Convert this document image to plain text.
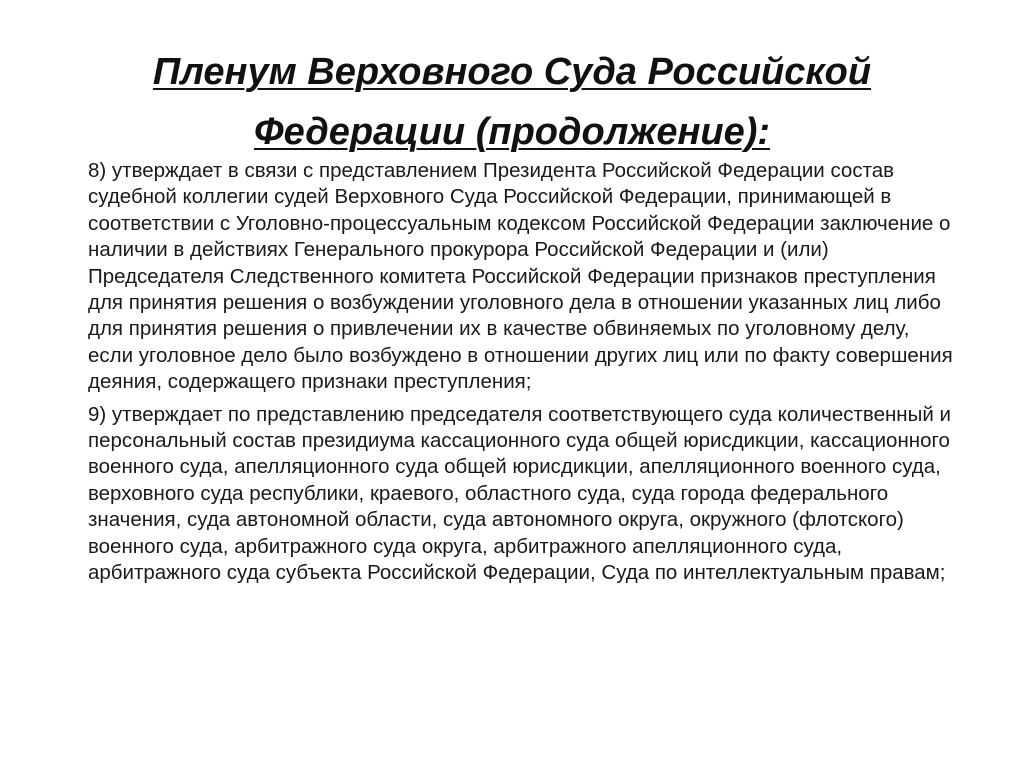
Пленум Верховного Суда Российской
Федерации (продолжение):

8) утверждает в связи с представлением Президента Российской Федерации состав судебной коллегии судей Верховного Суда Российской Федерации, принимающей в соответствии с Уголовно-процессуальным кодексом Российской Федерации заключение о наличии в действиях Генерального прокурора Российской Федерации и (или) Председателя Следственного комитета Российской Федерации признаков преступления для принятия решения о возбуждении уголовного дела в отношении указанных лиц либо для принятия решения о привлечении их в качестве обвиняемых по уголовному делу, если уголовное дело было возбуждено в отношении других лиц или по факту совершения деяния, содержащего признаки преступления;

9) утверждает по представлению председателя соответствующего суда количественный и персональный состав президиума кассационного суда общей юрисдикции, кассационного военного суда, апелляционного суда общей юрисдикции, апелляционного военного суда, верховного суда республики, краевого, областного суда, суда города федерального значения, суда автономной области, суда автономного округа, окружного (флотского) военного суда, арбитражного суда округа, арбитражного апелляционного суда, арбитражного суда субъекта Российской Федерации, Суда по интеллектуальным правам;
